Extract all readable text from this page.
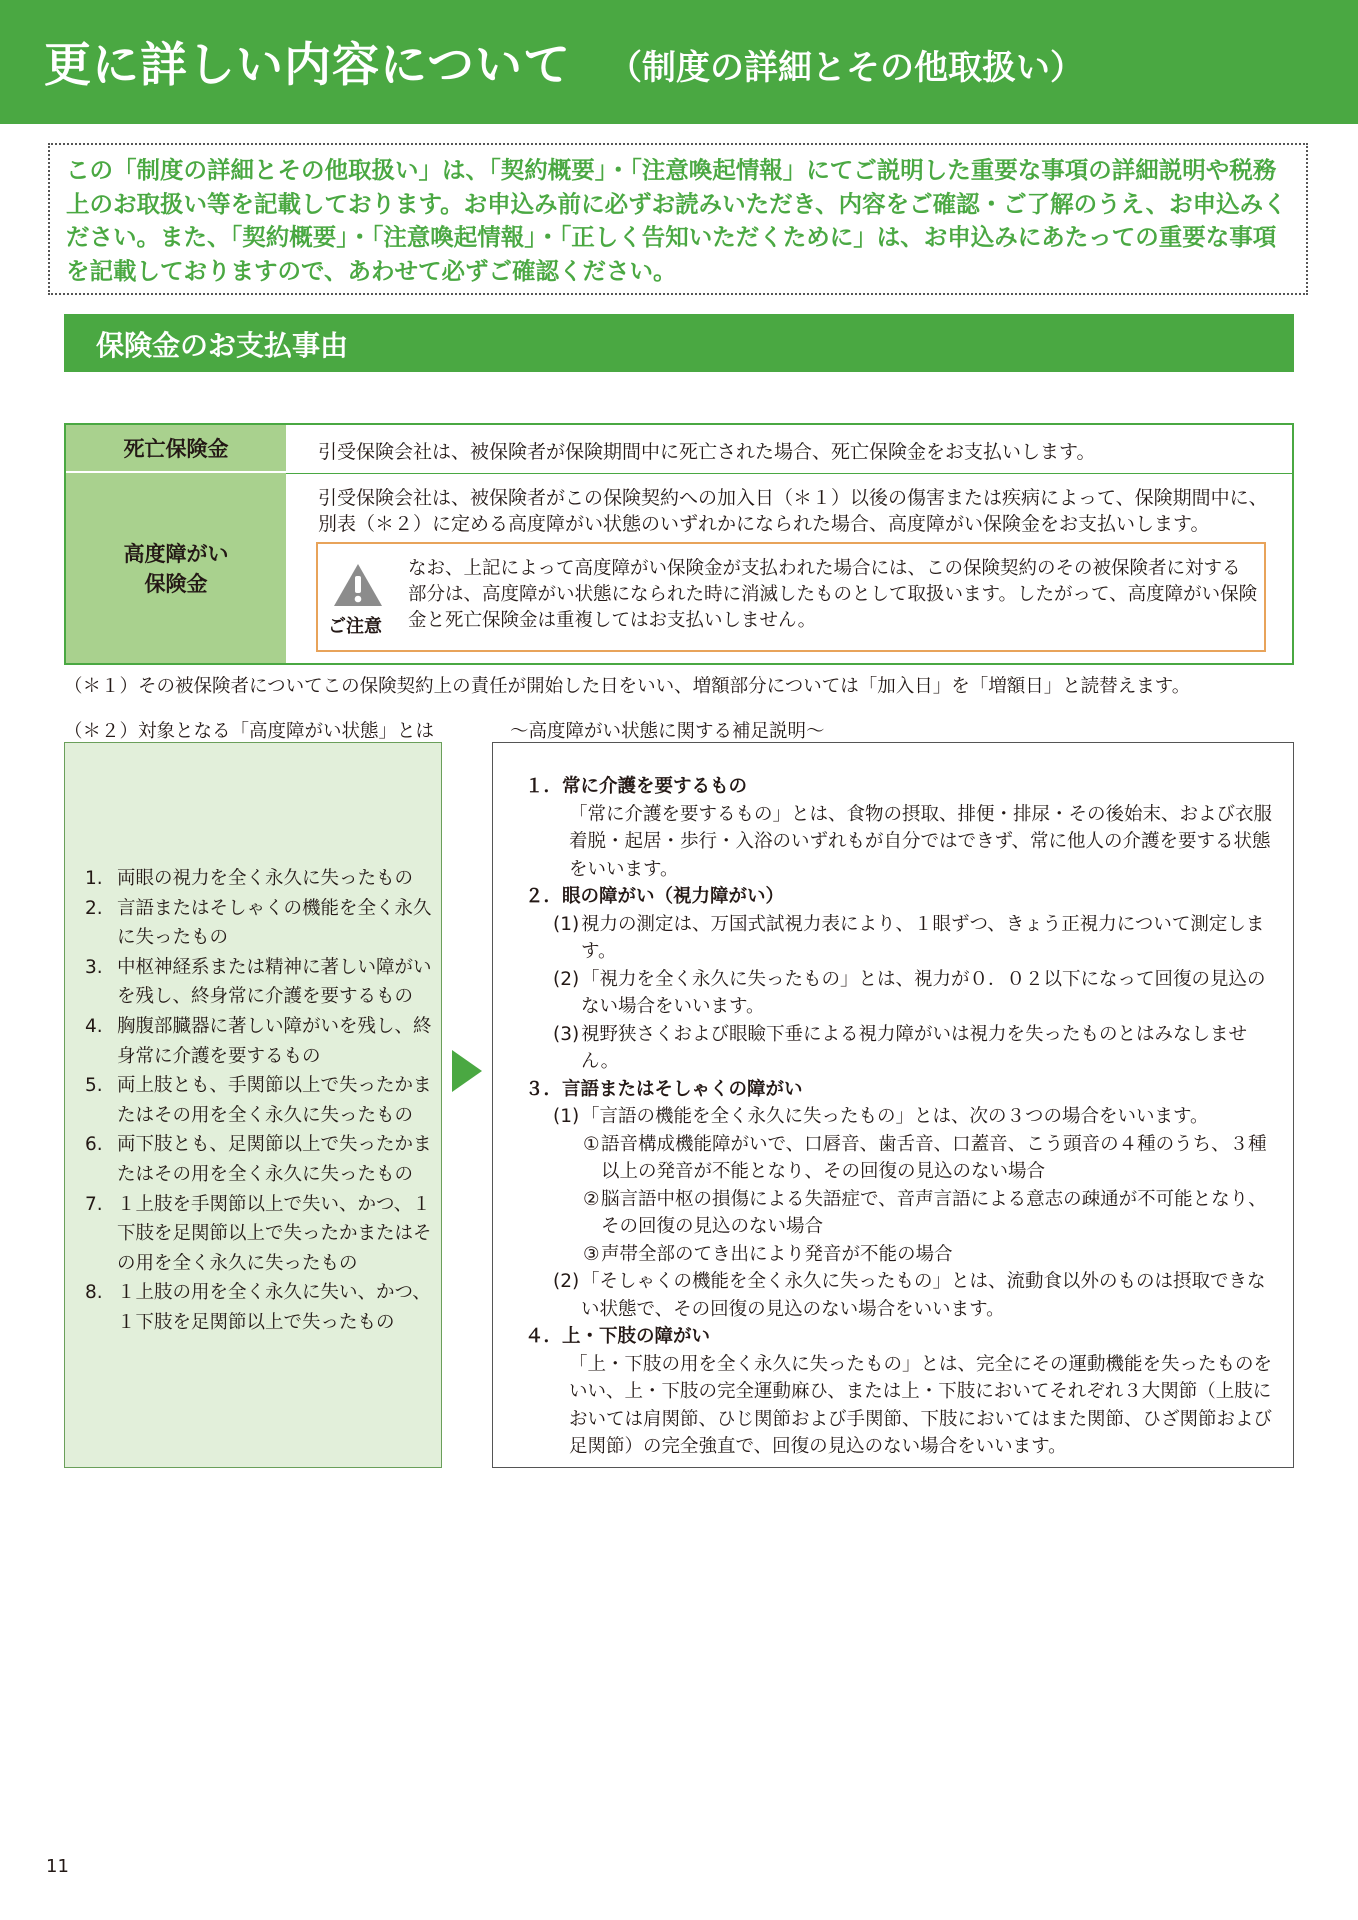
更に詳しい内容について （制度の詳細とその他取扱い）
この「制度の詳細とその他取扱い」は、「契約概要」・「注意喚起情報」にてご説明した重要な事項の詳細説明や税務上のお取扱い等を記載しております。お申込み前に必ずお読みいただき、内容をご確認・ご了解のうえ、お申込みください。また、「契約概要」・「注意喚起情報」・「正しく告知いただくために」は、お申込みにあたっての重要な事項を記載しておりますので、あわせて必ずご確認ください。
保険金のお支払事由
死亡保険金
高度障がい
保険金
引受保険会社は、被保険者が保険期間中に死亡された場合、死亡保険金をお支払いします。
引受保険会社は、被保険者がこの保険契約への加入日（＊１）以後の傷害または疾病によって、保険期間中に、別表（＊２）に定める高度障がい状態のいずれかになられた場合、高度障がい保険金をお支払いします。
ご注意
なお、上記によって高度障がい保険金が支払われた場合には、この保険契約のその被保険者に対する部分は、高度障がい状態になられた時に消滅したものとして取扱います。したがって、高度障がい保険金と死亡保険金は重複してはお支払いしません。
（＊１）その被保険者についてこの保険契約上の責任が開始した日をいい、増額部分については「加入日」を「増額日」と読替えます。
（＊２）対象となる「高度障がい状態」とは	～高度障がい状態に関する補足説明～
1. 両眼の視力を全く永久に失ったもの
2. 言語またはそしゃくの機能を全く永久に失ったもの
3. 中枢神経系または精神に著しい障がいを残し、終身常に介護を要するもの
4. 胸腹部臓器に著しい障がいを残し、終身常に介護を要するもの
5. 両上肢とも、手関節以上で失ったかまたはその用を全く永久に失ったもの
6. 両下肢とも、足関節以上で失ったかまたはその用を全く永久に失ったもの
7. １上肢を手関節以上で失い、かつ、１下肢を足関節以上で失ったかまたはその用を全く永久に失ったもの
8. １上肢の用を全く永久に失い、かつ、１下肢を足関節以上で失ったもの
１．常に介護を要するもの
「常に介護を要するもの」とは、食物の摂取、排便・排尿・その後始末、および衣服着脱・起居・歩行・入浴のいずれもが自分ではできず、常に他人の介護を要する状態をいいます。
２．眼の障がい（視力障がい）
(1) 視力の測定は、万国式試視力表により、１眼ずつ、きょう正視力について測定します。
(2) 「視力を全く永久に失ったもの」とは、視力が０．０２以下になって回復の見込のない場合をいいます。
(3) 視野狭さくおよび眼瞼下垂による視力障がいは視力を失ったものとはみなしません。
３．言語またはそしゃくの障がい
(1) 「言語の機能を全く永久に失ったもの」とは、次の３つの場合をいいます。
① 語音構成機能障がいで、口唇音、歯舌音、口蓋音、こう頭音の４種のうち、３種以上の発音が不能となり、その回復の見込のない場合
② 脳言語中枢の損傷による失語症で、音声言語による意志の疎通が不可能となり、その回復の見込のない場合
③ 声帯全部のてき出により発音が不能の場合
(2) 「そしゃくの機能を全く永久に失ったもの」とは、流動食以外のものは摂取できない状態で、その回復の見込のない場合をいいます。
４．上・下肢の障がい
「上・下肢の用を全く永久に失ったもの」とは、完全にその運動機能を失ったものをいい、上・下肢の完全運動麻ひ、または上・下肢においてそれぞれ３大関節（上肢においては肩関節、ひじ関節および手関節、下肢においてはまた関節、ひざ関節および足関節）の完全強直で、回復の見込のない場合をいいます。
11
